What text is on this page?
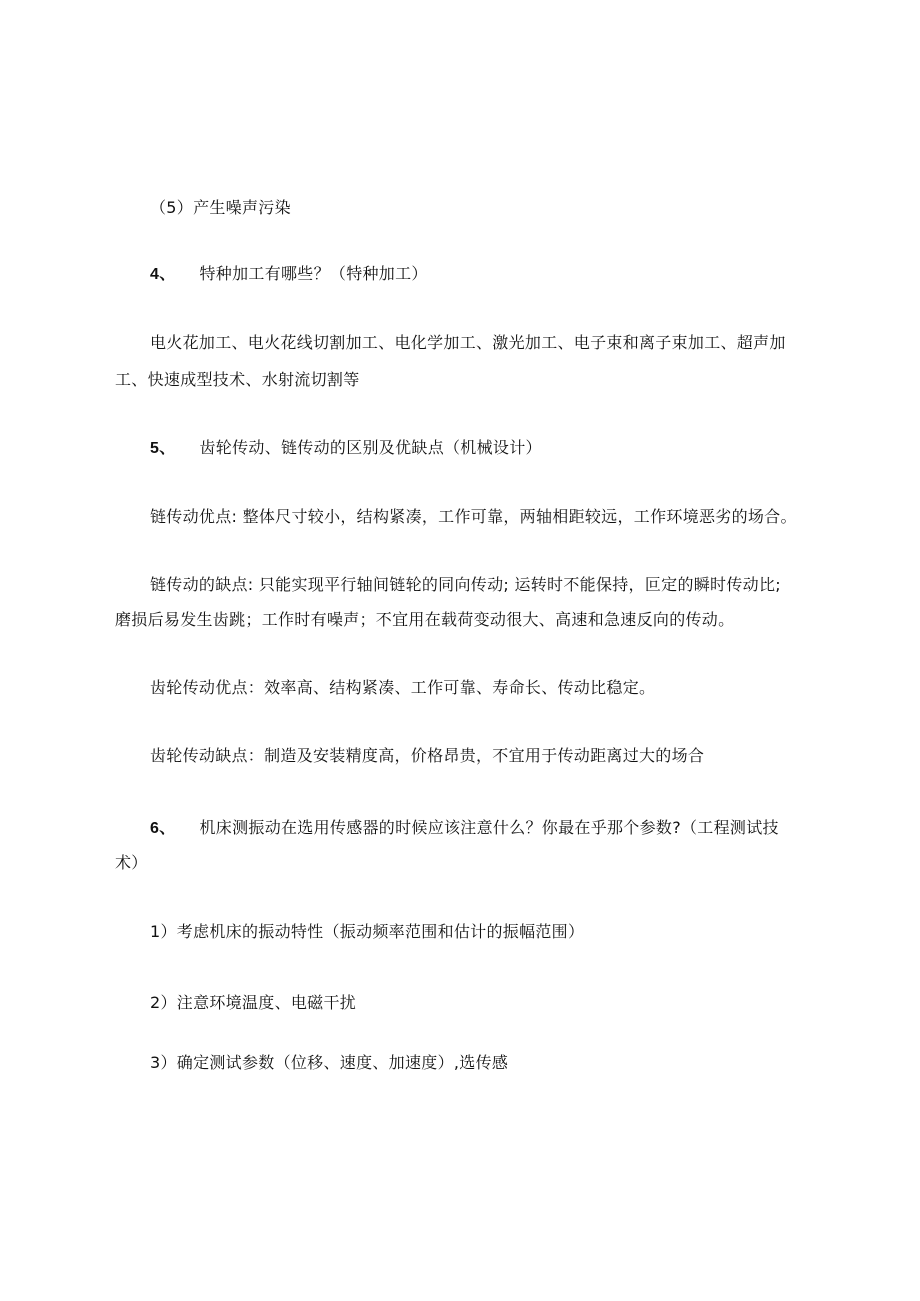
（5）产生噪声污染
4、 特种加工有哪些？（特种加工）
电火花加工、电火花线切割加工、电化学加工、激光加工、电子束和离子束加工、超声加
工、快速成型技术、水射流切割等
5、 齿轮传动、链传动的区别及优缺点（机械设计）
链传动优点: 整体尺寸较小，结构紧凑，工作可靠，两轴相距较远，工作环境恶劣的场合。
链传动的缺点: 只能实现平行轴间链轮的同向传动; 运转时不能保持，叵定的瞬时传动比;
磨损后易发生齿跳；工作时有噪声；不宜用在载荷变动很大、高速和急速反向的传动。
齿轮传动优点：效率高、结构紧凑、工作可靠、寿命长、传动比稳定。
齿轮传动缺点：制造及安装精度高，价格昂贵，不宜用于传动距离过大的场合
6、 机床测振动在选用传感器的时候应该注意什么？你最在乎那个参数?（工程测试技
术）
1）考虑机床的振动特性（振动频率范围和估计的振幅范围）
2）注意环境温度、电磁干扰
3）确定测试参数（位移、速度、加速度）,选传感
